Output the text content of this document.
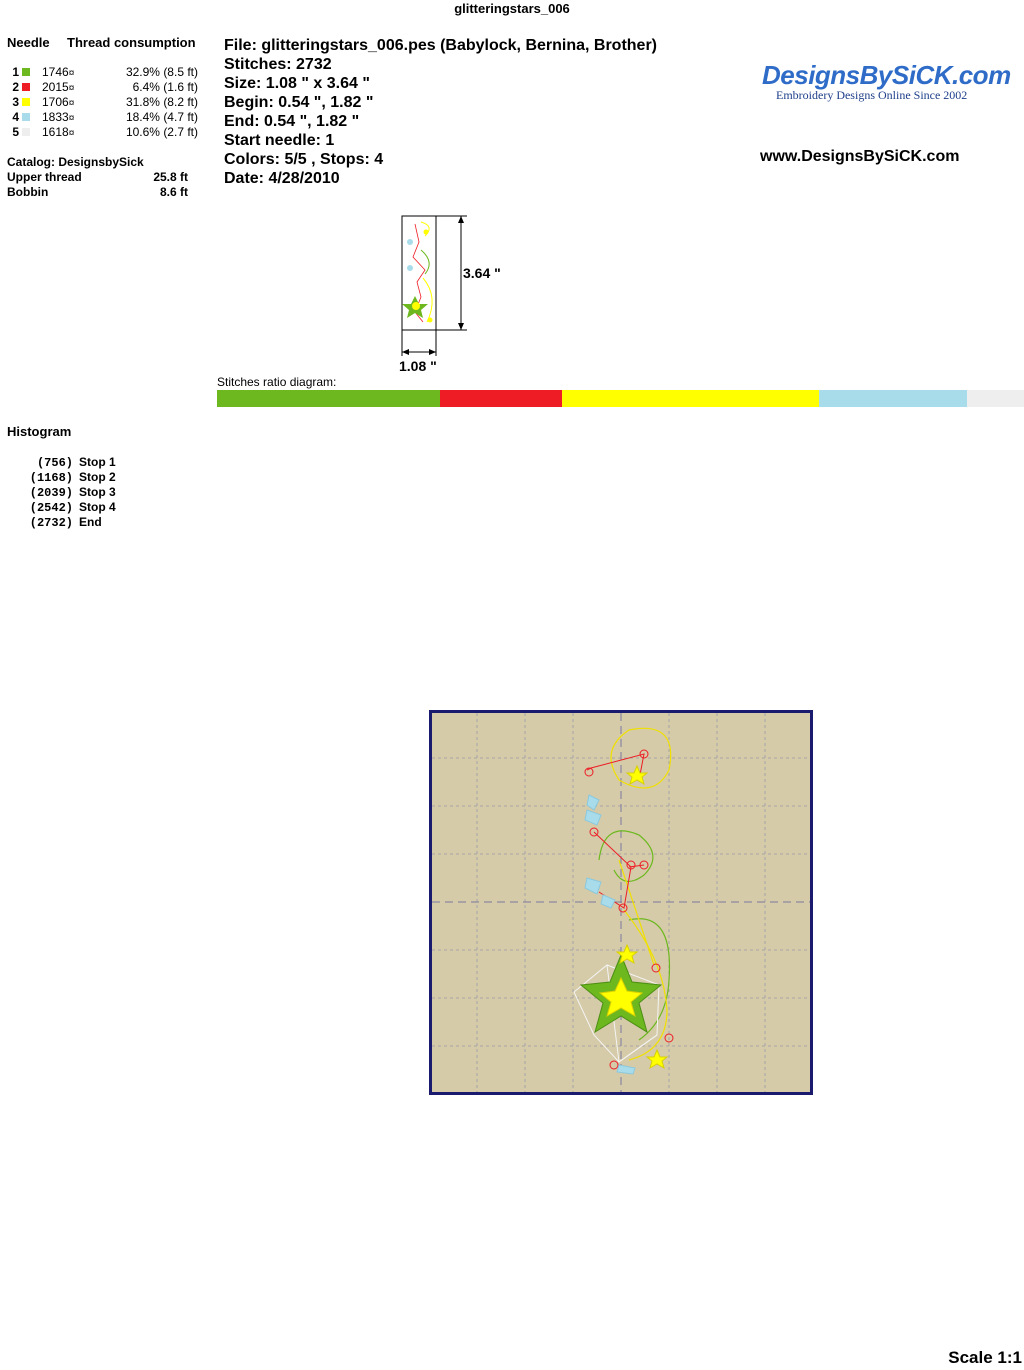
glitteringstars_006
Needle Thread consumption
1 1746 ¤	32.9% (8.5 ft)
2 2015 ¤	6.4% (1.6 ft)
3 1706 ¤	31.8% (8.2 ft)
4 1833 ¤	18.4% (4.7 ft)
5 1618 ¤	10.6% (2.7 ft)
Catalog: DesignsbySick
Upper thread	25.8 ft
Bobbin	8.6 ft
File: glitteringstars_006.pes (Babylock, Bernina, Brother)
Stitches: 2732
Size: 1.08 " x 3.64 "
Begin: 0.54 ", 1.82 "
End: 0.54 ", 1.82 "
Start needle: 1
Colors: 5/5 , Stops: 4
Date: 4/28/2010
DesignsBySiCK.com
Embroidery Designs Online Since 2002
www.DesignsBySiCK.com
3.64 "
1.08 "
Stitches ratio diagram:
Histogram
(756) Stop 1
(1168) Stop 2
(2039) Stop 3
(2542) Stop 4
(2732) End
Scale 1:1
